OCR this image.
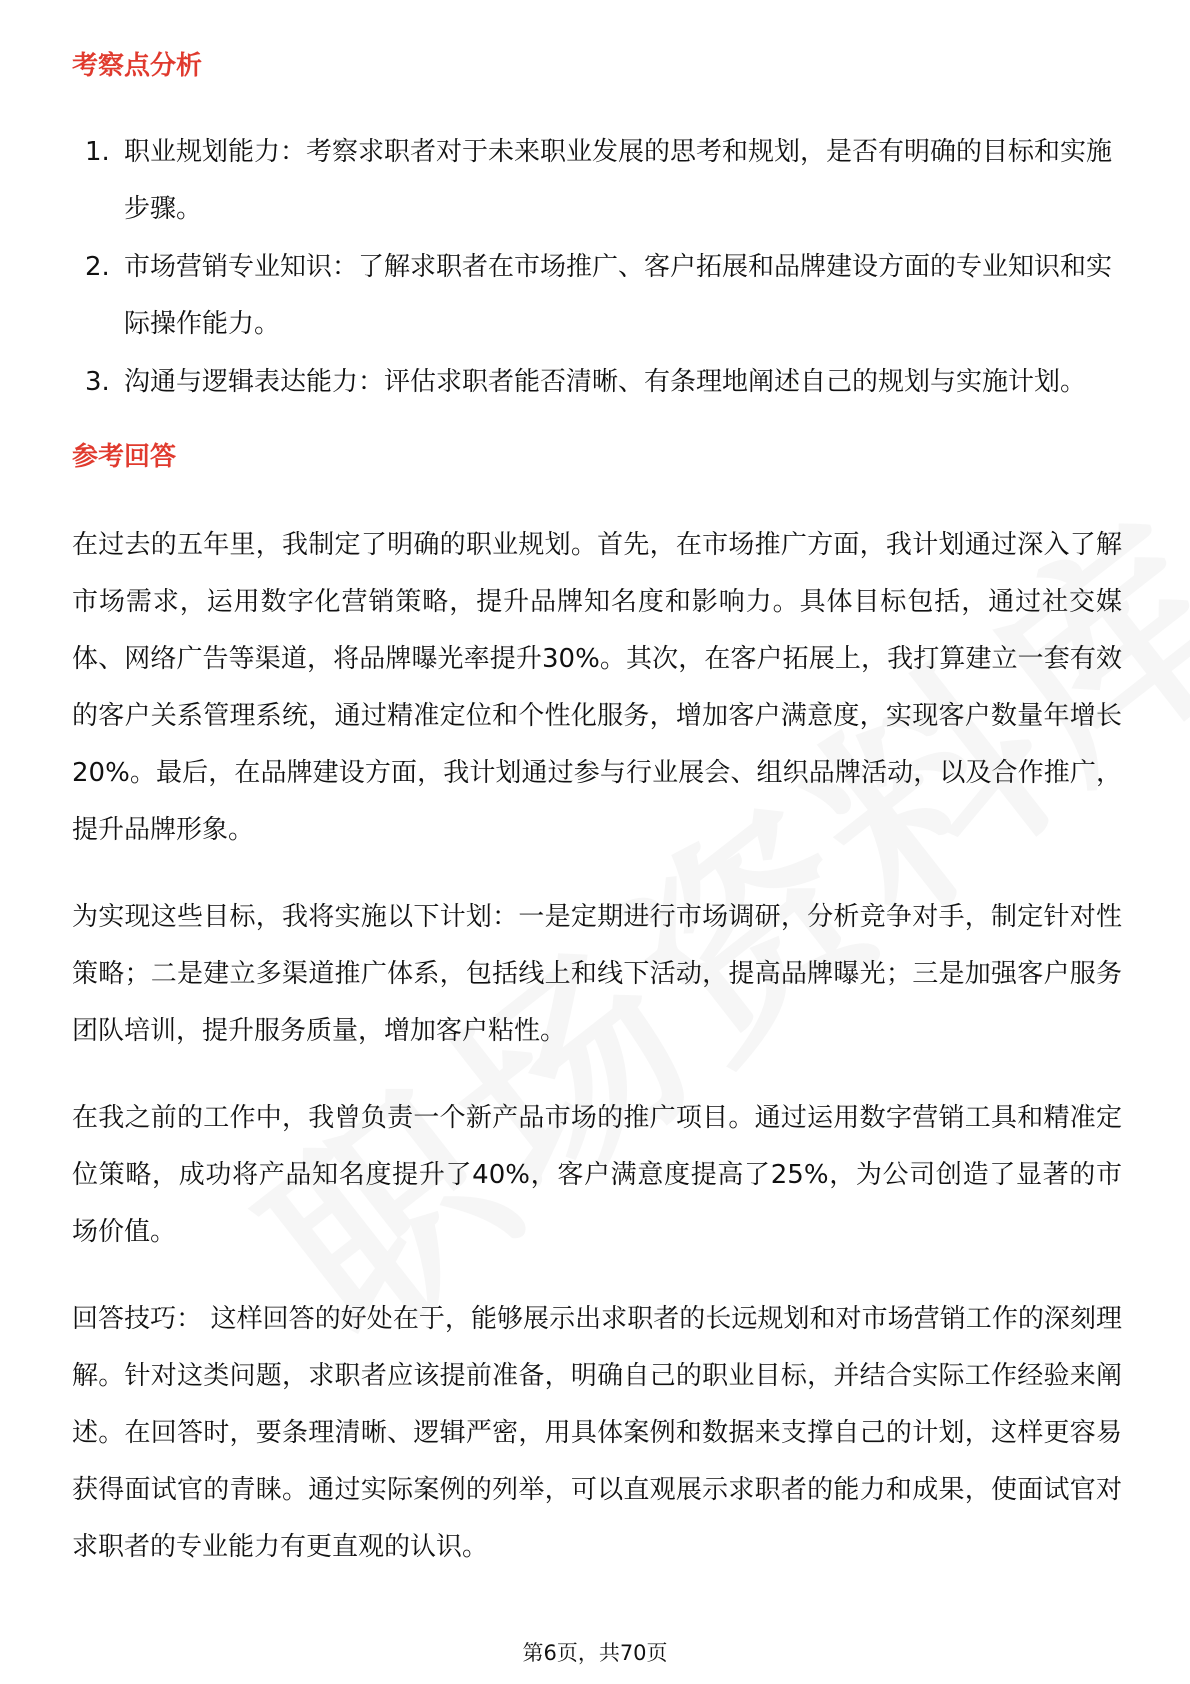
考察点分析
1. 职业规划能力：考察求职者对于未来职业发展的思考和规划，是否有明确的目标和实施步骤。
2. 市场营销专业知识：了解求职者在市场推广、客户拓展和品牌建设方面的专业知识和实际操作能力。
3. 沟通与逻辑表达能力：评估求职者能否清晰、有条理地阐述自己的规划与实施计划。
参考回答

在过去的五年里，我制定了明确的职业规划。首先，在市场推广方面，我计划通过深入了解市场需求，运用数字化营销策略，提升品牌知名度和影响力。具体目标包括，通过社交媒体、网络广告等渠道，将品牌曝光率提升30%。其次，在客户拓展上，我打算建立一套有效的客户关系管理系统，通过精准定位和个性化服务，增加客户满意度，实现客户数量年增长20%。最后，在品牌建设方面，我计划通过参与行业展会、组织品牌活动，以及合作推广，提升品牌形象。

为实现这些目标，我将实施以下计划：一是定期进行市场调研，分析竞争对手，制定针对性策略；二是建立多渠道推广体系，包括线上和线下活动，提高品牌曝光；三是加强客户服务团队培训，提升服务质量，增加客户粘性。

在我之前的工作中，我曾负责一个新产品市场的推广项目。通过运用数字营销工具和精准定位策略，成功将产品知名度提升了40%，客户满意度提高了25%，为公司创造了显著的市场价值。

回答技巧： 这样回答的好处在于，能够展示出求职者的长远规划和对市场营销工作的深刻理解。针对这类问题，求职者应该提前准备，明确自己的职业目标，并结合实际工作经验来阐述。在回答时，要条理清晰、逻辑严密，用具体案例和数据来支撑自己的计划，这样更容易获得面试官的青睐。通过实际案例的列举，可以直观展示求职者的能力和成果，使面试官对求职者的专业能力有更直观的认识。

第6页，共70页
